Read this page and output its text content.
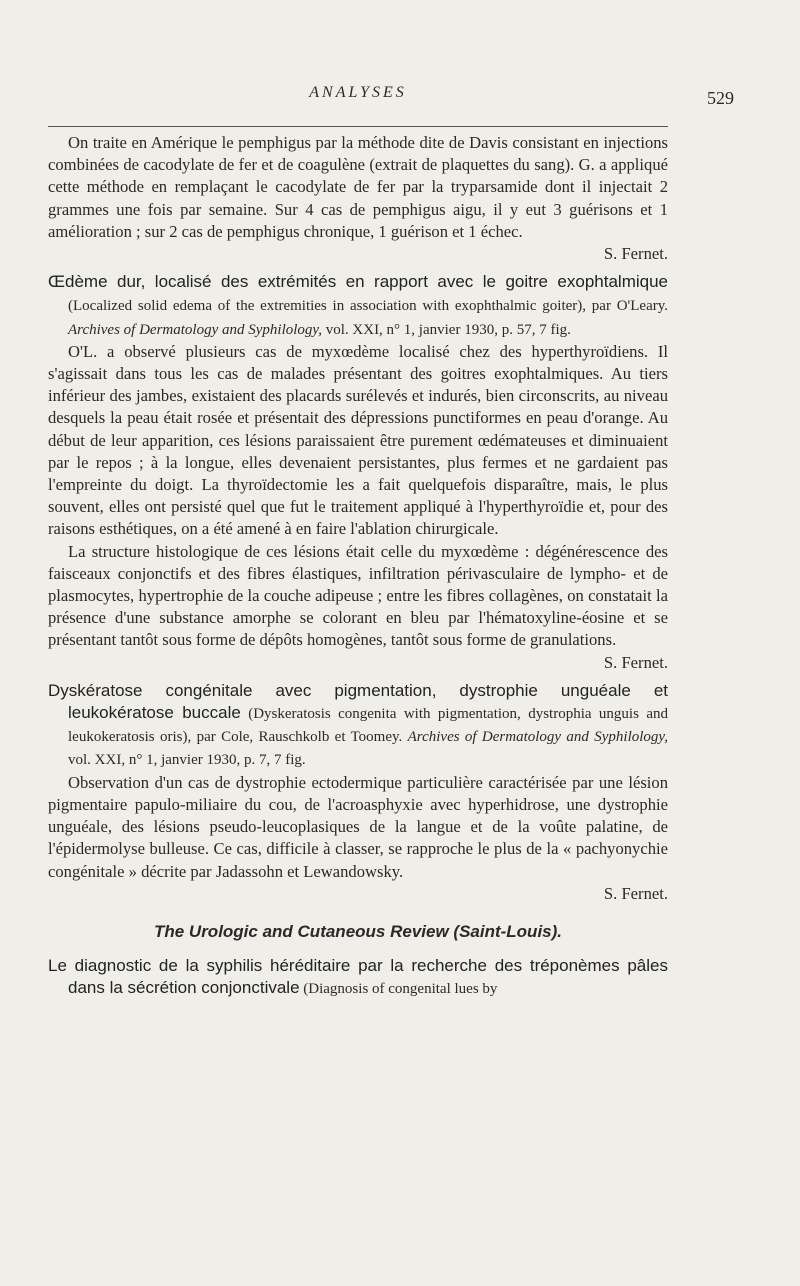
ANALYSES	529

On traite en Amérique le pemphigus par la méthode dite de Davis consistant en injections combinées de cacodylate de fer et de coagulène (extrait de plaquettes du sang). G. a appliqué cette méthode en remplaçant le cacodylate de fer par la tryparsamide dont il injectait 2 grammes une fois par semaine. Sur 4 cas de pemphigus aigu, il y eut 3 guérisons et 1 amélioration ; sur 2 cas de pemphigus chronique, 1 guérison et 1 échec.

S. Fernet.

Œdème dur, localisé des extrémités en rapport avec le goitre exophtalmique (Localized solid edema of the extremities in association with exophthalmic goiter), par O'Leary. Archives of Dermatology and Syphilology, vol. XXI, n° 1, janvier 1930, p. 57, 7 fig.

O'L. a observé plusieurs cas de myxœdème localisé chez des hyperthyroïdiens. Il s'agissait dans tous les cas de malades présentant des goitres exophtalmiques. Au tiers inférieur des jambes, existaient des placards surélevés et indurés, bien circonscrits, au niveau desquels la peau était rosée et présentait des dépressions punctiformes en peau d'orange. Au début de leur apparition, ces lésions paraissaient être purement œdémateuses et diminuaient par le repos ; à la longue, elles devenaient persistantes, plus fermes et ne gardaient pas l'empreinte du doigt. La thyroïdectomie les a fait quelquefois disparaître, mais, le plus souvent, elles ont persisté quel que fut le traitement appliqué à l'hyperthyroïdie et, pour des raisons esthétiques, on a été amené à en faire l'ablation chirurgicale.

La structure histologique de ces lésions était celle du myxœdème : dégénérescence des faisceaux conjonctifs et des fibres élastiques, infiltration périvasculaire de lympho- et de plasmocytes, hypertrophie de la couche adipeuse ; entre les fibres collagènes, on constatait la présence d'une substance amorphe se colorant en bleu par l'hématoxyline-éosine et se présentant tantôt sous forme de dépôts homogènes, tantôt sous forme de granulations.

S. Fernet.

Dyskératose congénitale avec pigmentation, dystrophie unguéale et leukokératose buccale (Dyskeratosis congenita with pigmentation, dystrophia unguis and leukokeratosis oris), par Cole, Rauschkolb et Toomey. Archives of Dermatology and Syphilology, vol. XXI, n° 1, janvier 1930, p. 7, 7 fig.

Observation d'un cas de dystrophie ectodermique particulière caractérisée par une lésion pigmentaire papulo-miliaire du cou, de l'acroasphyxie avec hyperhidrose, une dystrophie unguéale, des lésions pseudo-leucoplasiques de la langue et de la voûte palatine, de l'épidermolyse bulleuse. Ce cas, difficile à classer, se rapproche le plus de la « pachyonychie congénitale » décrite par Jadassohn et Lewandowsky.

S. Fernet.

The Urologic and Cutaneous Review (Saint-Louis).

Le diagnostic de la syphilis héréditaire par la recherche des tréponèmes pâles dans la sécrétion conjonctivale (Diagnosis of congenital lues by
